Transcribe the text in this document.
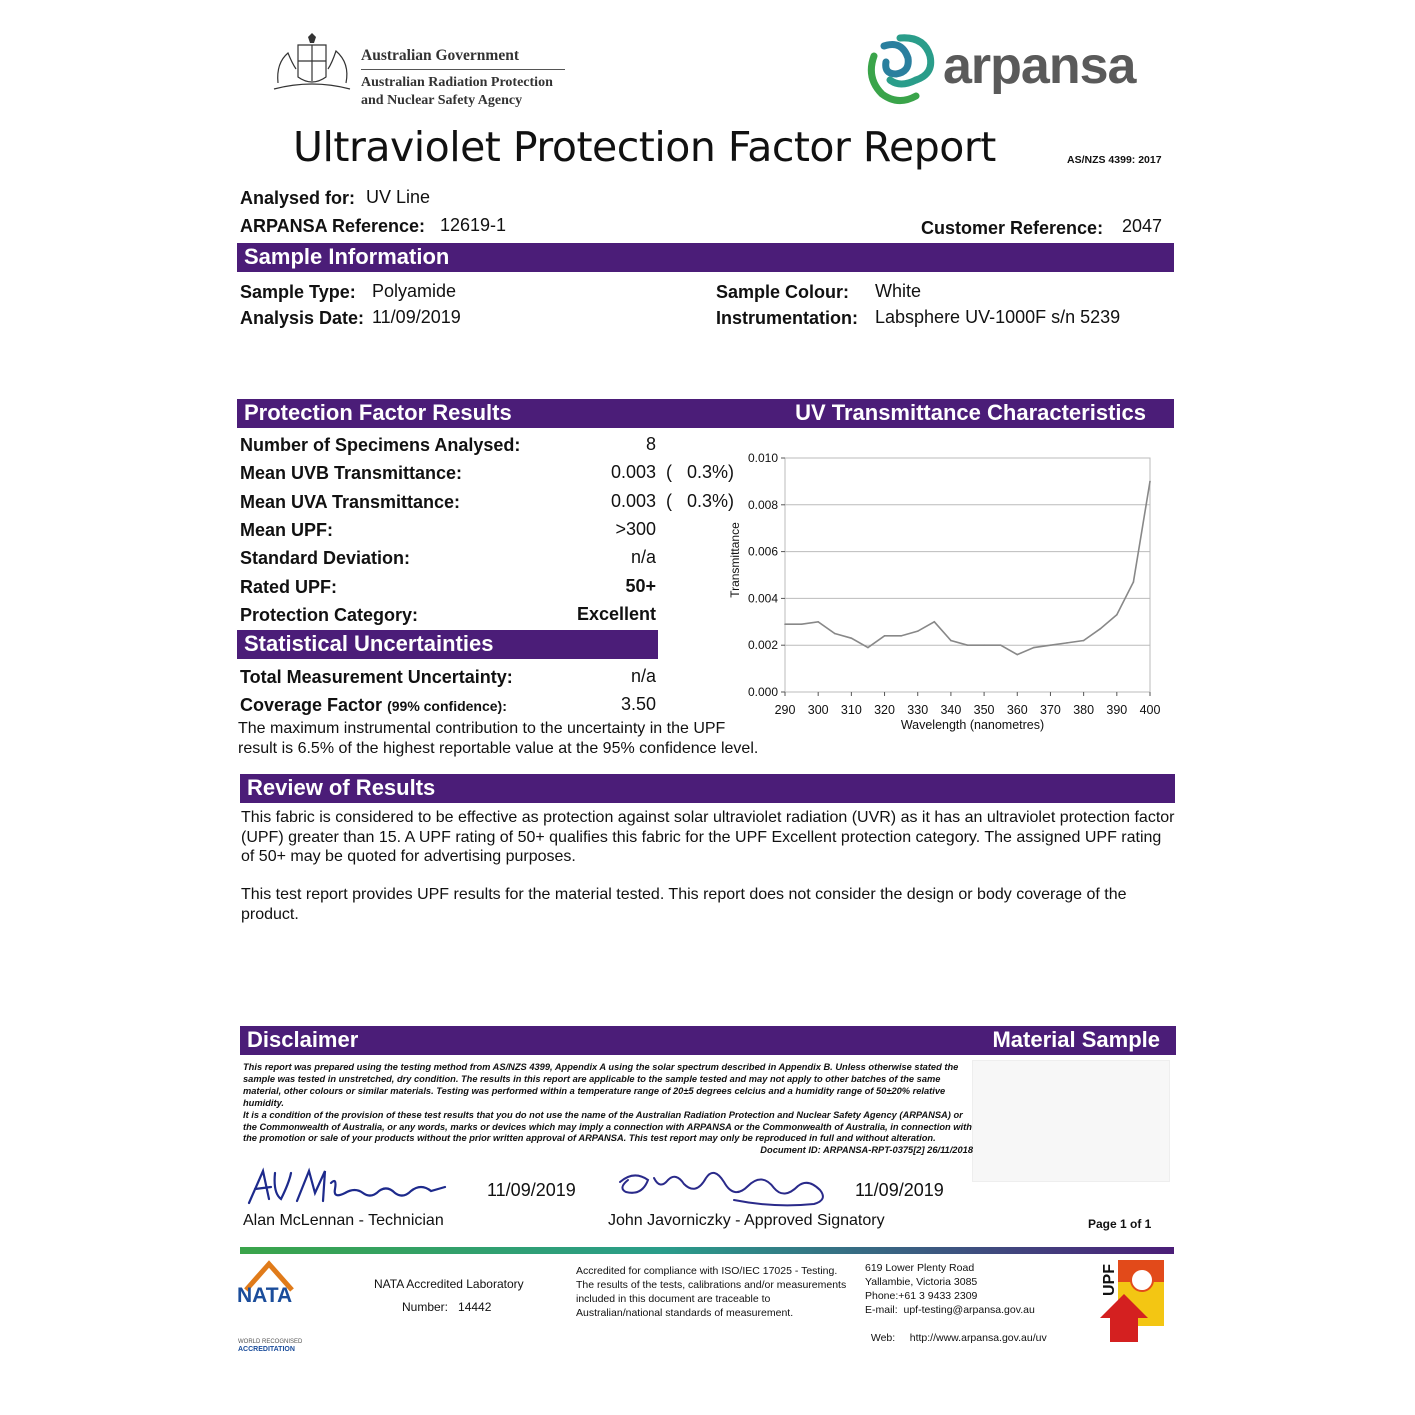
Australian Government
Australian Radiation Protection
and Nuclear Safety Agency
arpansa
Ultraviolet Protection Factor Report	AS/NZS 4399: 2017
Analysed for: UV Line
ARPANSA Reference: 12619-1	Customer Reference: 2047
Sample Information
Sample Type: Polyamide
Analysis Date: 11/09/2019
Sample Colour: White
Instrumentation: Labsphere UV-1000F s/n 5239
Protection Factor Results	UV Transmittance Characteristics
Number of Specimens Analysed:	8
Mean UVB Transmittance:	0.003 (   0.3%)
Mean UVA Transmittance:	0.003 (   0.3%)
Mean UPF:	>300
Standard Deviation:	n/a
Rated UPF:	50+
Protection Category:	Excellent
Statistical Uncertainties
Total Measurement Uncertainty:	n/a
Coverage Factor (99% confidence):	3.50
The maximum instrumental contribution to the uncertainty in the UPF
result is 6.5% of the highest reportable value at the 95% confidence level.
0.000
0.002
0.004
0.006
0.008
0.010
290 300 310 320 330 340 350 360 370 380 390 400
Wavelength (nanometres)
Transmittance
Review of Results
This fabric is considered to be effective as protection against solar ultraviolet radiation (UVR) as it has an ultraviolet protection factor (UPF) greater than 15. A UPF rating of 50+ qualifies this fabric for the UPF Excellent protection category. The assigned UPF rating of 50+ may be quoted for advertising purposes.
This test report provides UPF results for the material tested. This report does not consider the design or body coverage of the product.
Disclaimer	Material Sample
This report was prepared using the testing method from AS/NZS 4399, Appendix A using the solar spectrum described in Appendix B. Unless otherwise stated the sample was tested in unstretched, dry condition. The results in this report are applicable to the sample tested and may not apply to other batches of the same material, other colours or similar materials. Testing was performed within a temperature range of 20±5 degrees celcius and a humidity range of 50±20% relative humidity.
It is a condition of the provision of these test results that you do not use the name of the Australian Radiation Protection and Nuclear Safety Agency (ARPANSA) or the Commonwealth of Australia, or any words, marks or devices which may imply a connection with ARPANSA or the Commonwealth of Australia, in connection with the promotion or sale of your products without the prior written approval of ARPANSA. This test report may only be reproduced in full and without alteration.
Document ID: ARPANSA-RPT-0375[2] 26/11/2018
11/09/2019
Alan McLennan - Technician
11/09/2019
John Javorniczky - Approved Signatory	Page 1 of 1
NATA
WORLD RECOGNISED
ACCREDITATION
NATA Accredited Laboratory
Number:   14442
Accredited for compliance with ISO/IEC 17025 - Testing.
The results of the tests, calibrations and/or measurements
included in this document are traceable to
Australian/national standards of measurement.
619 Lower Plenty Road
Yallambie, Victoria 3085
Phone:+61 3 9433 2309
E-mail:  upf-testing@arpansa.gov.au

Web:     http://www.arpansa.gov.au/uv

UPF
